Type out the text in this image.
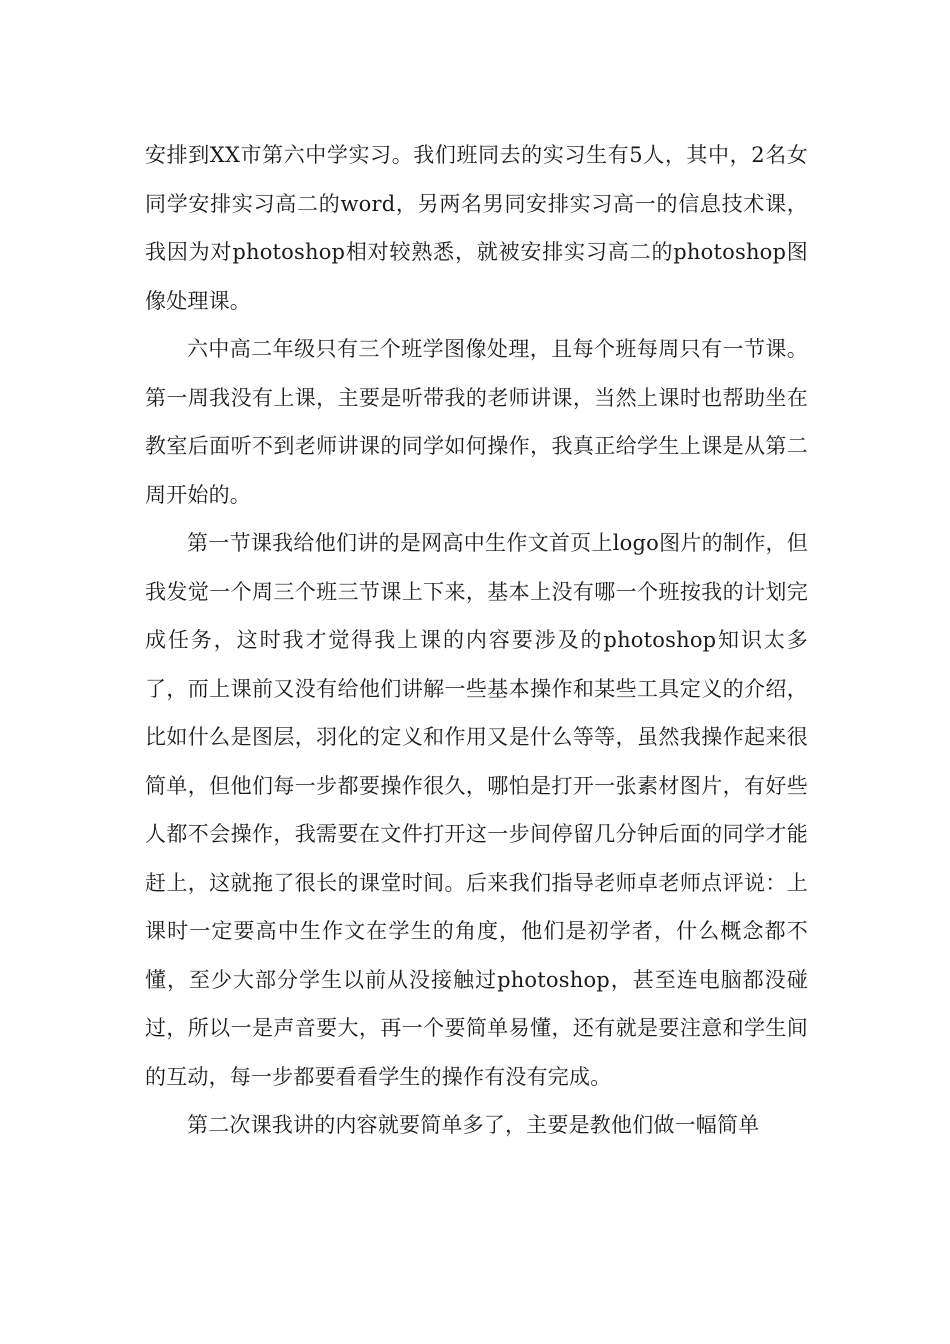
安排到XX市第六中学实习。我们班同去的实习生有5人，其中，2名女同学安排实习高二的word，另两名男同安排实习高一的信息技术课，我因为对photoshop相对较熟悉，就被安排实习高二的photoshop图像处理课。

六中高二年级只有三个班学图像处理，且每个班每周只有一节课。第一周我没有上课，主要是听带我的老师讲课，当然上课时也帮助坐在教室后面听不到老师讲课的同学如何操作，我真正给学生上课是从第二周开始的。

第一节课我给他们讲的是网高中生作文首页上logo图片的制作，但我发觉一个周三个班三节课上下来，基本上没有哪一个班按我的计划完成任务，这时我才觉得我上课的内容要涉及的photoshop知识太多了，而上课前又没有给他们讲解一些基本操作和某些工具定义的介绍，比如什么是图层，羽化的定义和作用又是什么等等，虽然我操作起来很简单，但他们每一步都要操作很久，哪怕是打开一张素材图片，有好些人都不会操作，我需要在文件打开这一步间停留几分钟后面的同学才能赶上，这就拖了很长的课堂时间。后来我们指导老师卓老师点评说：上课时一定要高中生作文在学生的角度，他们是初学者，什么概念都不懂，至少大部分学生以前从没接触过photoshop，甚至连电脑都没碰过，所以一是声音要大，再一个要简单易懂，还有就是要注意和学生间的互动，每一步都要看看学生的操作有没有完成。

第二次课我讲的内容就要简单多了，主要是教他们做一幅简单
